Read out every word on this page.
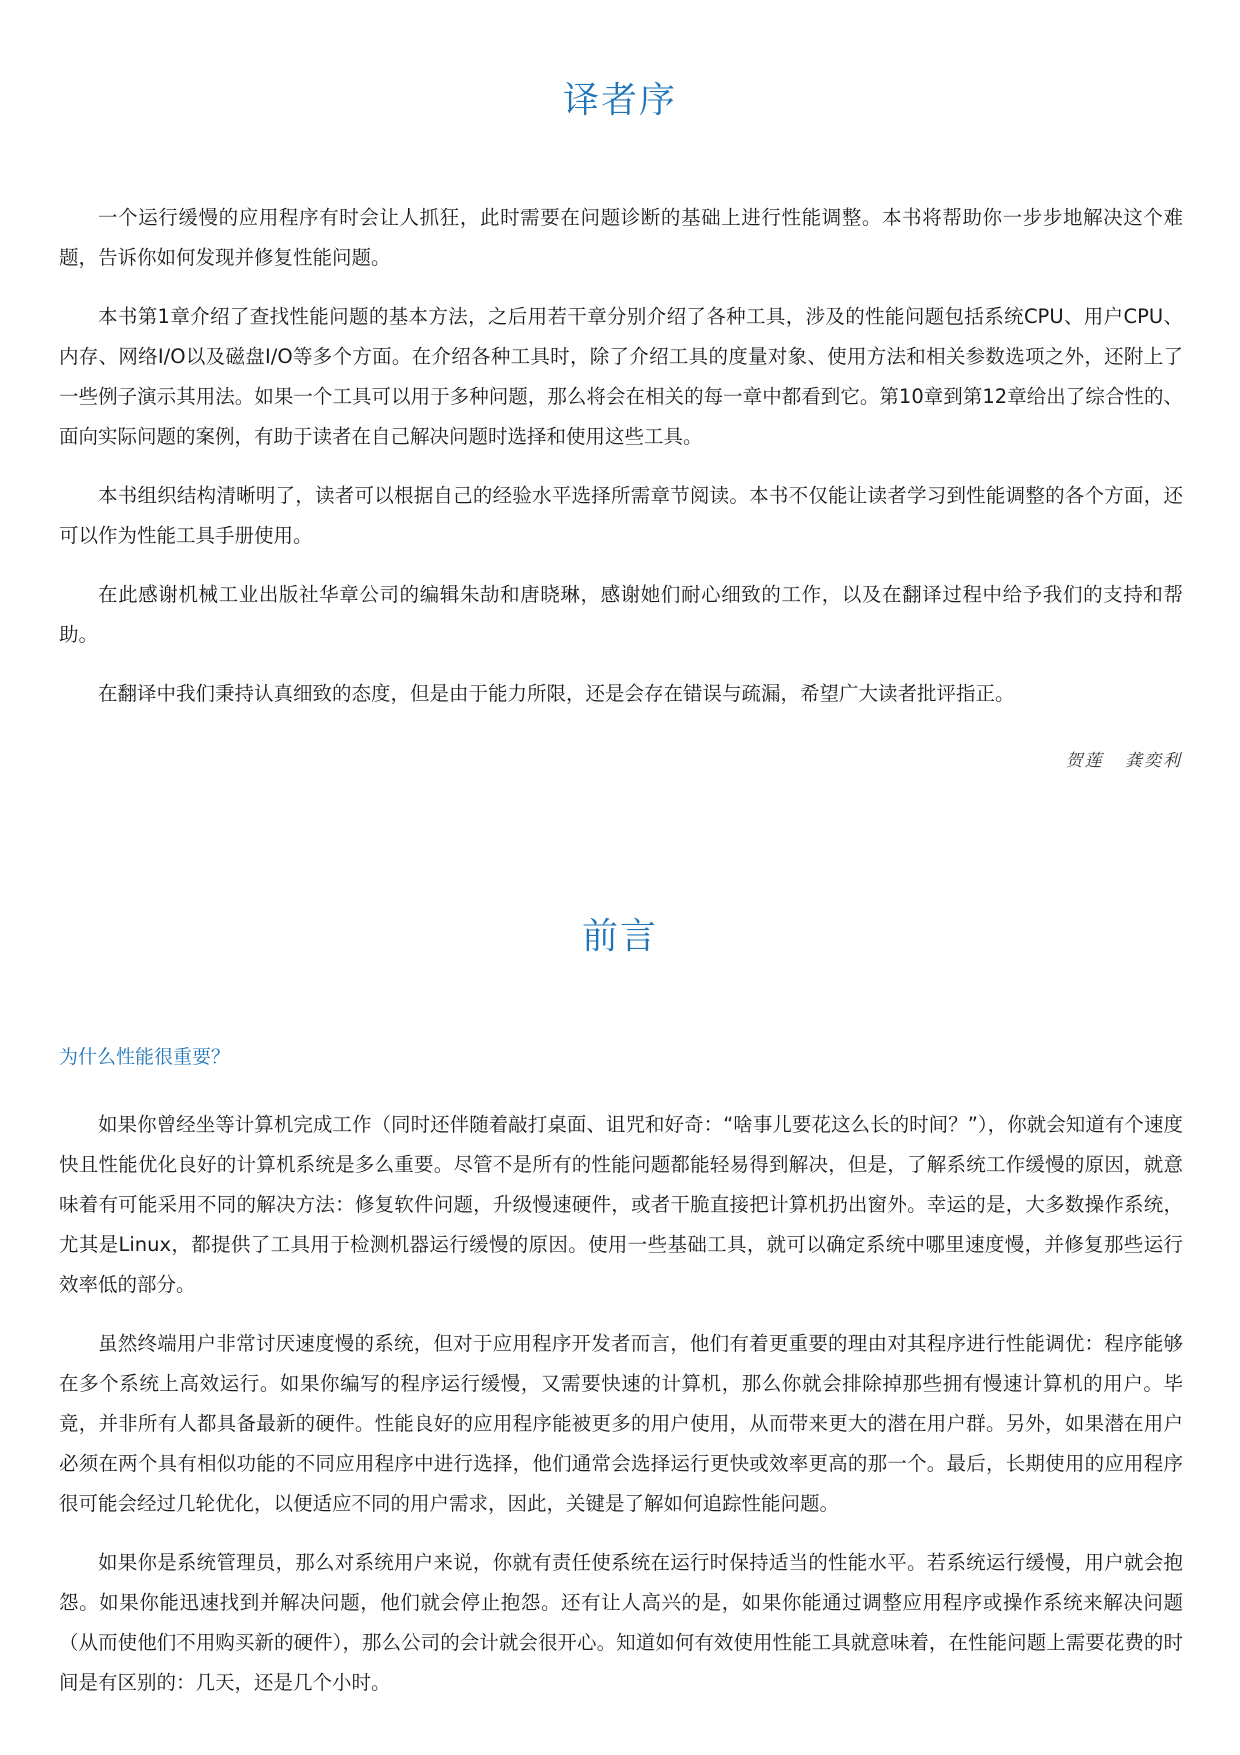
译者序

一个运行缓慢的应用程序有时会让人抓狂，此时需要在问题诊断的基础上进行性能调整。本书将帮助你一步步地解决这个难题，告诉你如何发现并修复性能问题。

本书第1章介绍了查找性能问题的基本方法，之后用若干章分别介绍了各种工具，涉及的性能问题包括系统CPU、用户CPU、内存、网络I/O以及磁盘I/O等多个方面。在介绍各种工具时，除了介绍工具的度量对象、使用方法和相关参数选项之外，还附上了一些例子演示其用法。如果一个工具可以用于多种问题，那么将会在相关的每一章中都看到它。第10章到第12章给出了综合性的、面向实际问题的案例，有助于读者在自己解决问题时选择和使用这些工具。

本书组织结构清晰明了，读者可以根据自己的经验水平选择所需章节阅读。本书不仅能让读者学习到性能调整的各个方面，还可以作为性能工具手册使用。

在此感谢机械工业出版社华章公司的编辑朱劼和唐晓琳，感谢她们耐心细致的工作，以及在翻译过程中给予我们的支持和帮助。

在翻译中我们秉持认真细致的态度，但是由于能力所限，还是会存在错误与疏漏，希望广大读者批评指正。

贺莲 龚奕利
前言
为什么性能很重要？

如果你曾经坐等计算机完成工作（同时还伴随着敲打桌面、诅咒和好奇：“啥事儿要花这么长的时间？”），你就会知道有个速度快且性能优化良好的计算机系统是多么重要。尽管不是所有的性能问题都能轻易得到解决，但是，了解系统工作缓慢的原因，就意味着有可能采用不同的解决方法：修复软件问题，升级慢速硬件，或者干脆直接把计算机扔出窗外。幸运的是，大多数操作系统，尤其是Linux，都提供了工具用于检测机器运行缓慢的原因。使用一些基础工具，就可以确定系统中哪里速度慢，并修复那些运行效率低的部分。

虽然终端用户非常讨厌速度慢的系统，但对于应用程序开发者而言，他们有着更重要的理由对其程序进行性能调优：程序能够在多个系统上高效运行。如果你编写的程序运行缓慢，又需要快速的计算机，那么你就会排除掉那些拥有慢速计算机的用户。毕竟，并非所有人都具备最新的硬件。性能良好的应用程序能被更多的用户使用，从而带来更大的潜在用户群。另外，如果潜在用户必须在两个具有相似功能的不同应用程序中进行选择，他们通常会选择运行更快或效率更高的那一个。最后，长期使用的应用程序很可能会经过几轮优化，以便适应不同的用户需求，因此，关键是了解如何追踪性能问题。

如果你是系统管理员，那么对系统用户来说，你就有责任使系统在运行时保持适当的性能水平。若系统运行缓慢，用户就会抱怨。如果你能迅速找到并解决问题，他们就会停止抱怨。还有让人高兴的是，如果你能通过调整应用程序或操作系统来解决问题（从而使他们不用购买新的硬件），那么公司的会计就会很开心。知道如何有效使用性能工具就意味着，在性能问题上需要花费的时间是有区别的：几天，还是几个小时。
